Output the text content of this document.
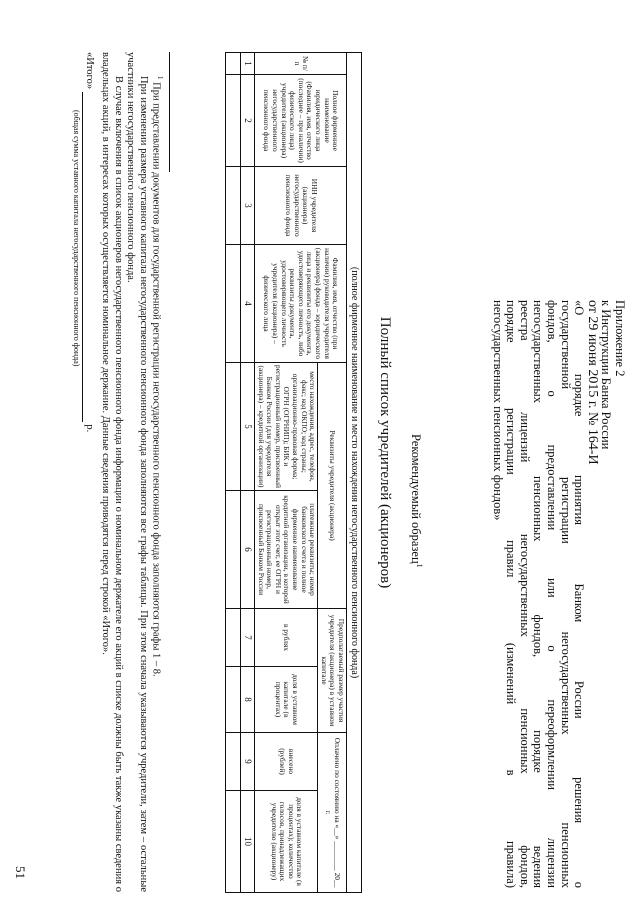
Приложение 2
к Инструкции Банка России
от 29 июня 2015 г. № 164-И
«О порядке принятия Банком России решения о
государственной регистрации негосударственных пенсионных
фондов, о предоставлении или о переоформлении лицензии
негосударственных пенсионных фондов, порядке ведения
реестра лицензий негосударственных пенсионных фондов,
порядке регистрации правил (изменений в правила)
негосударственных пенсионных фондов»
Рекомендуемый образец$^1$
Полный список учредителей (акционеров)
(полное фирменное наименование и место нахождения негосударственного пенсионного фонда)									
№ п/п	Полное фирменное наименование юридического лица (Фамилия, имя, отчество (последнее – при наличии) физического лица) учредителя (акционера) негосударственного пенсионного фонда	ИНН учредителя (акционера) негосударственного пенсионного фонда	Фамилия, имя, отчество (при наличии) руководителя учредителя (акционера) фонда – юридического лица и реквизиты его документа, удостоверяющего личность, либо реквизиты документа, удостоверяющего личность учредителя (акционера) – физического лица	Реквизиты учредителя (акционера)		Предполагаемый размер участия учредителя (акционера) в уставном капитале		Оплачено по состоянию на «__» ________ 20__ г.	
				место нахождения, адрес, телефон, факс; код ОКПО; код страны; организационно-правовая форма; ОГРН (ОГРНИП); БИК и регистрационный номер, присвоенный Банком России (для учредителя (акционера) – кредитной организации)	платежные реквизиты; номер банковского счета и полное фирменное наименование кредитной организации, в которой открыт этот счет, ее ОГРН и регистрационный номер, присвоенный Банком России	в рублях	доля в уставном капитале (в процентах)	внесено (рублей)	доля в уставном капитале (в процентах); количество голосов, принадлежащих учредителю (акционеру)
1	2	3	4	5	6	7	8	9	10

$^1$ При представлении документов для государственной регистрации негосударственного пенсионного фонда заполняются графы 1 – 8.

При изменении размера уставного капитала негосударственного пенсионного фонда заполняются все графы таблицы. При этом сначала указываются учредители, затем – остальные участники негосударственного пенсионного фонда.

В случае включения в список акционеров негосударственного пенсионного фонда информации о номинальном держателе его акций в списке должны быть также указаны сведения о владельцах акций, в интересах которых осуществляется номинальное держание. Данные сведения приводятся перед строкой «Итого».

«Итого»  р.
(общая сумма уставного капитала негосударственного пенсионного фонда)
51
